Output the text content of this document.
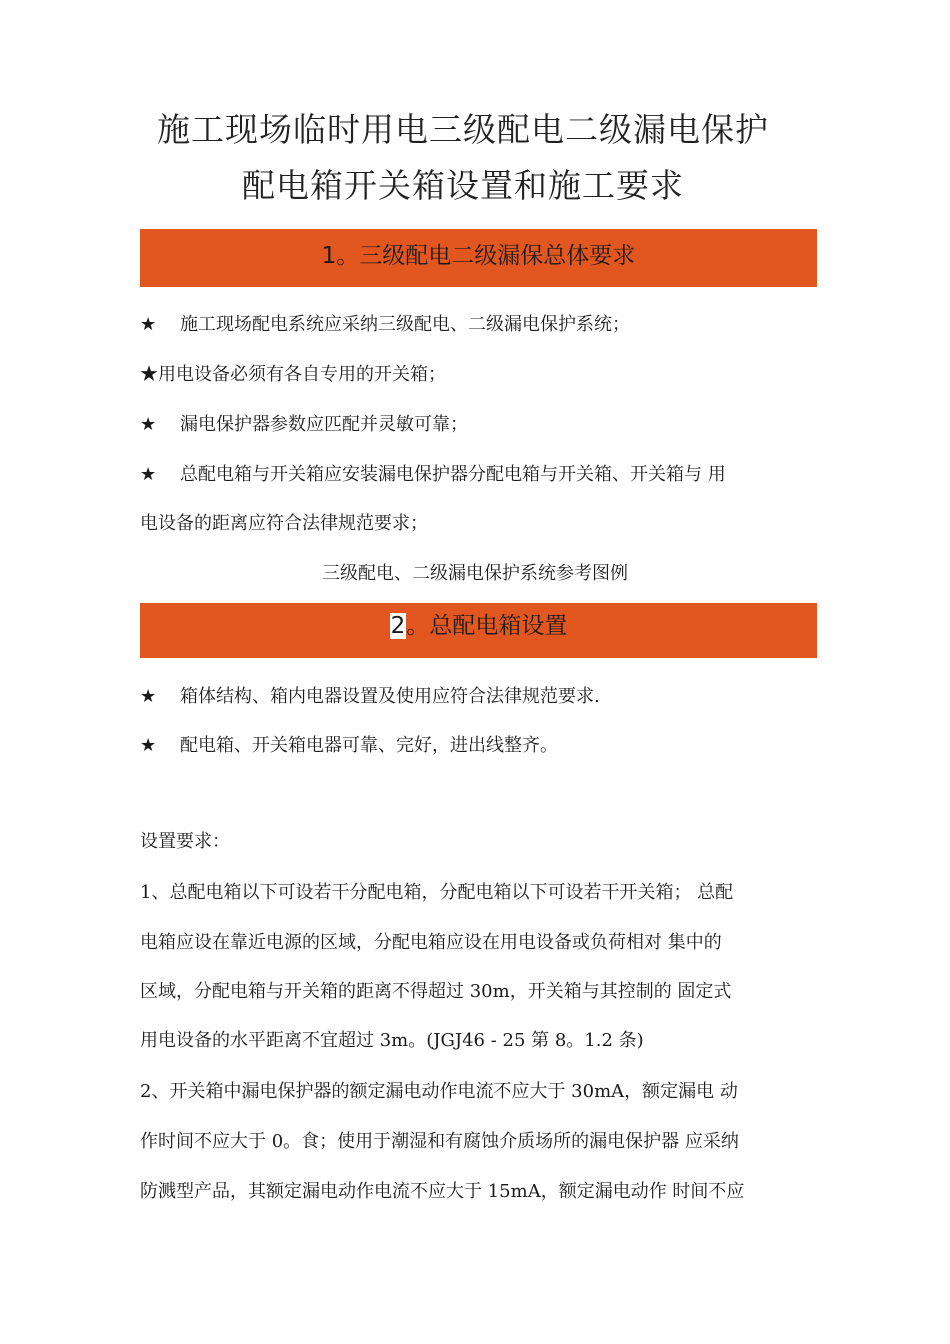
施工现场临时用电三级配电二级漏电保护
配电箱开关箱设置和施工要求
1。三级配电二级漏保总体要求
★ 施工现场配电系统应采纳三级配电、二级漏电保护系统；
★用电设备必须有各自专用的开关箱；
★ 漏电保护器参数应匹配并灵敏可靠；
★ 总配电箱与开关箱应安装漏电保护器分配电箱与开关箱、开关箱与 用
电设备的距离应符合法律规范要求；
三级配电、二级漏电保护系统参考图例
2。总配电箱设置
★ 箱体结构、箱内电器设置及使用应符合法律规范要求.
★ 配电箱、开关箱电器可靠、完好，进出线整齐。
设置要求：
1、总配电箱以下可设若干分配电箱，分配电箱以下可设若干开关箱； 总配
电箱应设在靠近电源的区域，分配电箱应设在用电设备或负荷相对 集中的
区域，分配电箱与开关箱的距离不得超过 30m，开关箱与其控制的 固定式
用电设备的水平距离不宜超过 3m。(JGJ46 - 25 第 8。1.2 条)
2、开关箱中漏电保护器的额定漏电动作电流不应大于 30mA，额定漏电 动
作时间不应大于 0。食；使用于潮湿和有腐蚀介质场所的漏电保护器 应采纳
防溅型产品，其额定漏电动作电流不应大于 15mA，额定漏电动作 时间不应
